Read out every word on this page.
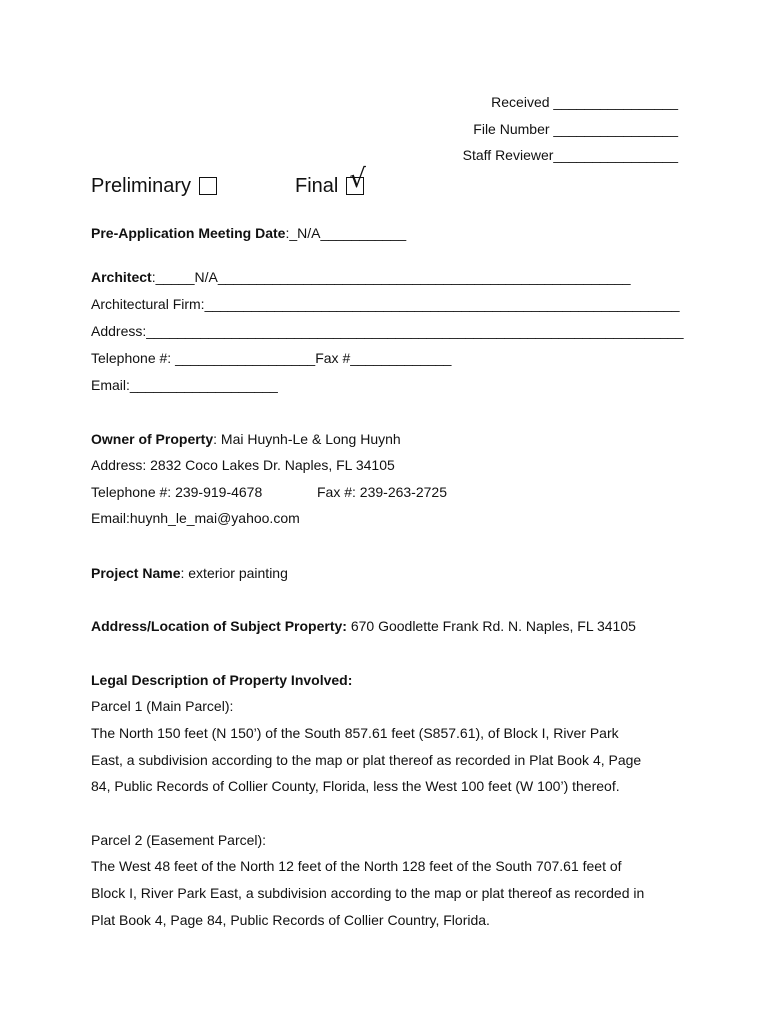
Received ________________
File Number ________________
Staff Reviewer________________
Preliminary	Final √
Pre-Application Meeting Date:_N/A___________
Architect:_____N/A_____________________________________________________
Architectural Firm:_____________________________________________________________
Address:_____________________________________________________________________
Telephone #: __________________Fax #_____________
Email:___________________
Owner of Property: Mai Huynh-Le & Long Huynh
Address: 2832 Coco Lakes Dr. Naples, FL 34105
Telephone #: 239-919-4678	Fax #: 239-263-2725
Email:huynh_le_mai@yahoo.com
Project Name: exterior painting
Address/Location of Subject Property: 670 Goodlette Frank Rd. N. Naples, FL 34105
Legal Description of Property Involved:
Parcel 1 (Main Parcel):
The North 150 feet (N 150’) of the South 857.61 feet (S857.61), of Block I, River Park
East, a subdivision according to the map or plat thereof as recorded in Plat Book 4, Page
84, Public Records of Collier County, Florida, less the West 100 feet (W 100’) thereof.
Parcel 2 (Easement Parcel):
The West 48 feet of the North 12 feet of the North 128 feet of the South 707.61 feet of
Block I, River Park East, a subdivision according to the map or plat thereof as recorded in
Plat Book 4, Page 84, Public Records of Collier Country, Florida.
